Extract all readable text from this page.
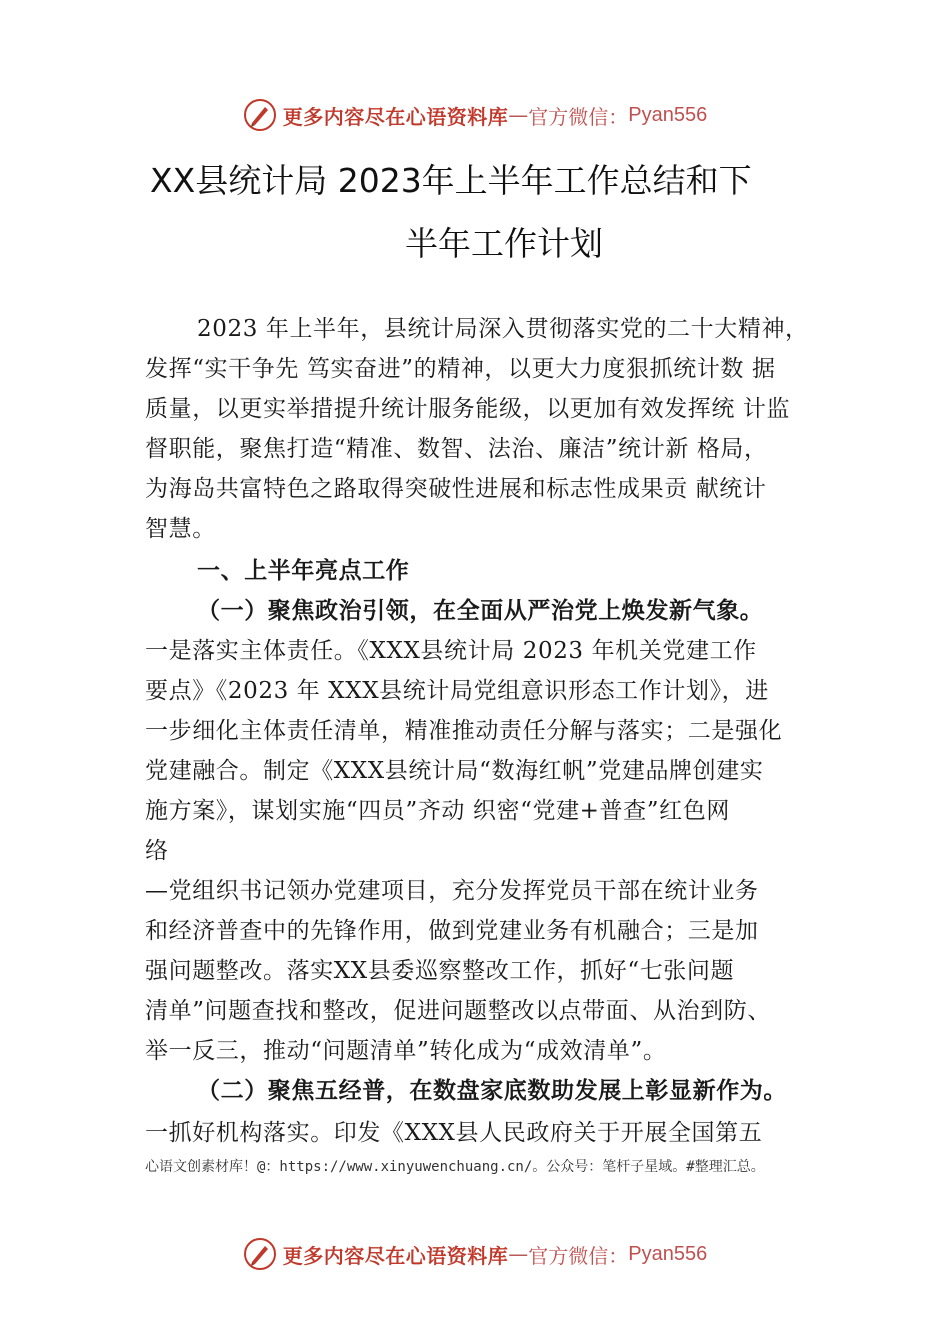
更多内容尽在心语资料库 — 官方微信： Pyan556
XX县统计局 2023年上半年工作总结和下
半年工作计划
2023 年上半年，县统计局深入贯彻落实党的二十大精神，
发挥“实干争先 笃实奋进”的精神，以更大力度狠抓统计数 据
质量，以更实举措提升统计服务能级，以更加有效发挥统 计监
督职能，聚焦打造“精准、数智、法治、廉洁”统计新 格局，
为海岛共富特色之路取得突破性进展和标志性成果贡 献统计
智慧。
一、上半年亮点工作
（一）聚焦政治引领，在全面从严治党上焕发新气象。
一是落实主体责任。《XXX县统计局 2023 年机关党建工作
要点》《2023 年 XXX县统计局党组意识形态工作计划》，进
一步细化主体责任清单，精准推动责任分解与落实；二是强化
党建融合。制定《XXX县统计局“数海红帆”党建品牌创建实
施方案》，谋划实施“四员”齐动 织密“党建+普查”红色网
络
—党组织书记领办党建项目，充分发挥党员干部在统计业务
和经济普查中的先锋作用，做到党建业务有机融合；三是加
强问题整改。落实XX县委巡察整改工作，抓好“七张问题
清单”问题查找和整改，促进问题整改以点带面、从治到防、
举一反三，推动“问题清单”转化成为“成效清单”。
（二）聚焦五经普，在数盘家底数助发展上彰显新作为。
一抓好机构落实。印发《XXX县人民政府关于开展全国第五
心语文创素材库！@：https://www.xinyuwenchuang.cn/。公众号：笔杆子星域。#整理汇总。
更多内容尽在心语资料库 — 官方微信： Pyan556
